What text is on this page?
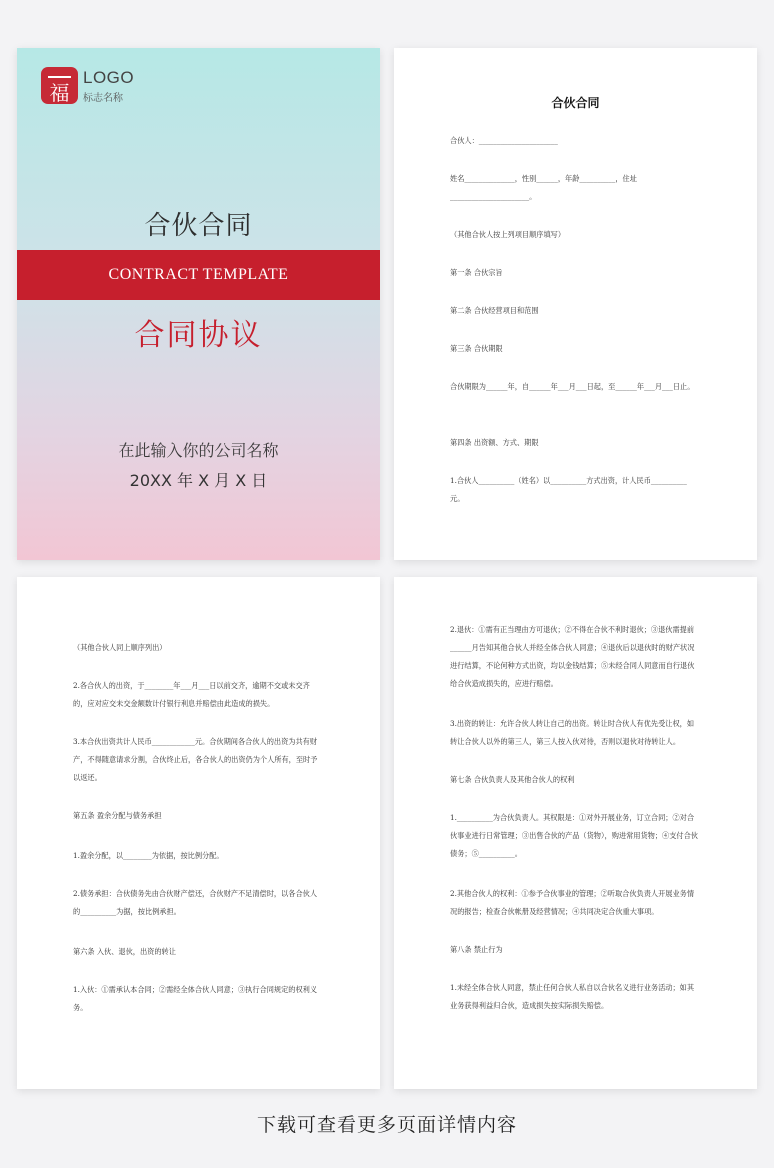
福
LOGO
标志名称
合伙合同
CONTRACT TEMPLATE
合同协议
在此输入你的公司名称
20XX 年 X 月 X 日
合伙合同
合伙人：______________________
姓名______________，性别______，年龄__________，住址______________________。
（其他合伙人按上列项目顺序填写）
第一条 合伙宗旨
第二条 合伙经营项目和范围
第三条 合伙期限
合伙期限为______年，自______年___月___日起，至______年___月___日止。
第四条 出资额、方式、期限
1.合伙人__________（姓名）以__________方式出资，计人民币__________元。
（其他合伙人同上顺序列出）
2.各合伙人的出资，于________年___月___日以前交齐，逾期不交或未交齐的，应对应交未交金额数计付银行利息并赔偿由此造成的损失。
3.本合伙出资共计人民币____________元。合伙期间各合伙人的出资为共有财产，不得随意请求分割，合伙终止后，各合伙人的出资仍为个人所有，至时予以返还。
第五条 盈余分配与债务承担
1.盈余分配，以________为依据，按比例分配。
2.债务承担：合伙债务先由合伙财产偿还，合伙财产不足清偿时，以各合伙人的__________为据，按比例承担。
第六条 入伙、退伙，出资的转让
1.入伙：①需承认本合同；②需经全体合伙人同意；③执行合同规定的权利义务。
2.退伙：①需有正当理由方可退伙；②不得在合伙不利时退伙；③退伙需提前______月告知其他合伙人并经全体合伙人同意；④退伙后以退伙时的财产状况进行结算，不论何种方式出资，均以金钱结算；⑤未经合同人同意而自行退伙给合伙造成损失的，应进行赔偿。
3.出资的转让：允许合伙人转让自己的出资。转让时合伙人有优先受让权，如转让合伙人以外的第三人，第三人按入伙对待，否则以退伙对待转让人。
第七条 合伙负责人及其他合伙人的权利
1.__________为合伙负责人。其权限是：①对外开展业务，订立合同；②对合伙事业进行日常管理；③出售合伙的产品（货物），购进常用货物；④支付合伙债务；⑤__________。
2.其他合伙人的权利：①参予合伙事业的管理；②听取合伙负责人开展业务情况的报告；检查合伙帐册及经营情况；④共同决定合伙重大事项。
第八条 禁止行为
1.未经全体合伙人同意，禁止任何合伙人私自以合伙名义进行业务活动；如其业务获得利益归合伙，造成损失按实际损失赔偿。
下载可查看更多页面详情内容
